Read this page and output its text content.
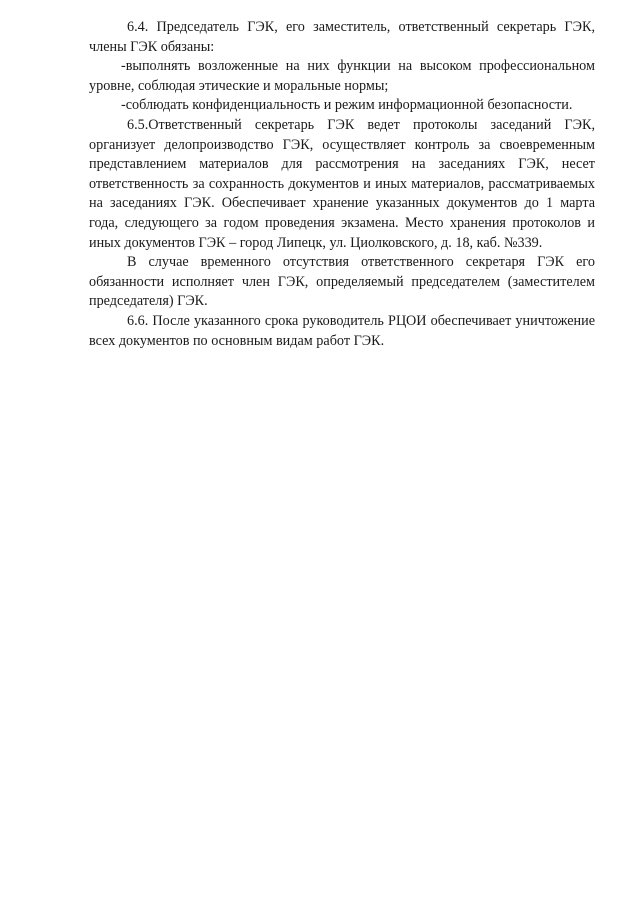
6.4. Председатель ГЭК, его заместитель, ответственный секретарь ГЭК, члены ГЭК обязаны:

-выполнять возложенные на них функции на высоком профессиональном уровне, соблюдая этические и моральные нормы;

-соблюдать конфиденциальность и режим информационной безопасности.

6.5.Ответственный секретарь ГЭК ведет протоколы заседаний ГЭК, организует делопроизводство ГЭК, осуществляет контроль за своевременным представлением материалов для рассмотрения на заседаниях ГЭК, несет ответственность за сохранность документов и иных материалов, рассматриваемых на заседаниях ГЭК. Обеспечивает хранение указанных документов до 1 марта года, следующего за годом проведения экзамена. Место хранения протоколов и иных документов ГЭК – город Липецк, ул. Циолковского, д. 18, каб. №339.

В случае временного отсутствия ответственного секретаря ГЭК его обязанности исполняет член ГЭК, определяемый председателем (заместителем председателя) ГЭК.

6.6. После указанного срока руководитель РЦОИ обеспечивает уничтожение всех документов по основным видам работ ГЭК.
